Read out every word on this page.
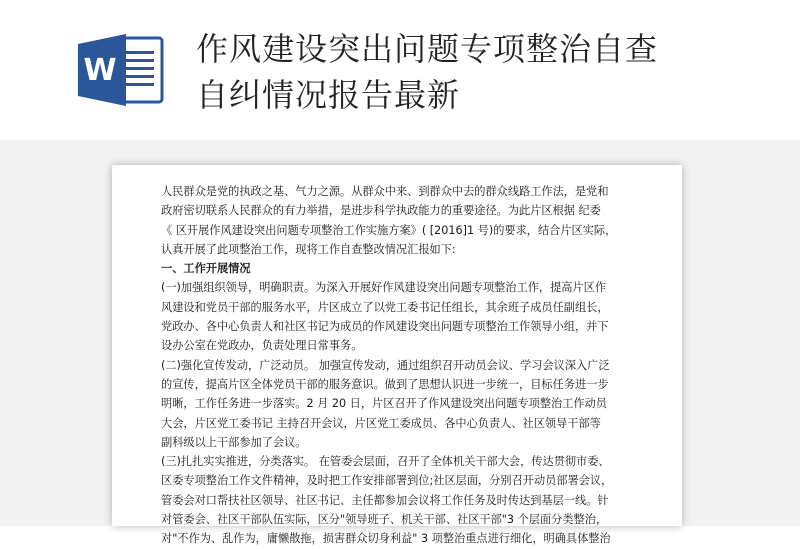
W
作风建设突出问题专项整治自查
自纠情况报告最新
人民群众是党的执政之基、气力之源。从群众中来、到群众中去的群众线路工作法，是党和
政府密切联系人民群众的有力举措，是进步科学执政能力的重要途径。为此片区根据 纪委
《 区开展作风建设突出问题专项整治工作实施方案》( [2016]1 号)的要求，结合片区实际，
认真开展了此项整治工作，现将工作自查整改情况汇报如下:
一、工作开展情况
(一)加强组织领导，明确职责。为深入开展好作风建设突出问题专项整治工作，提高片区作
风建设和党员干部的服务水平，片区成立了以党工委书记任组长，其余班子成员任副组长，
党政办、各中心负责人和社区书记为成员的作风建设突出问题专项整治工作领导小组，并下
设办公室在党政办，负责处理日常事务。
(二)强化宣传发动，广泛动员。 加强宣传发动，通过组织召开动员会议、学习会议深入广泛
的宣传，提高片区全体党员干部的服务意识。做到了思想认识进一步统一，目标任务进一步
明晰，工作任务进一步落实。2 月 20 日，片区召开了作风建设突出问题专项整治工作动员
大会，片区党工委书记 主持召开会议，片区党工委成员、各中心负责人、社区领导干部等
副科级以上干部参加了会议。
(三)扎扎实实推进，分类落实。 在管委会层面，召开了全体机关干部大会，传达贯彻市委、
区委专项整治工作文件精神，及时把工作安排部署到位;社区层面，分别召开动员部署会议，
管委会对口帮扶社区领导、社区书记、主任都参加会议将工作任务及时传达到基层一线。针
对管委会、社区干部队伍实际，区分"领导班子、机关干部、社区干部"3 个层面分类整治，
对"不作为、乱作为，庸懒散拖，损害群众切身利益" 3 项整治重点进行细化，明确具体整治
